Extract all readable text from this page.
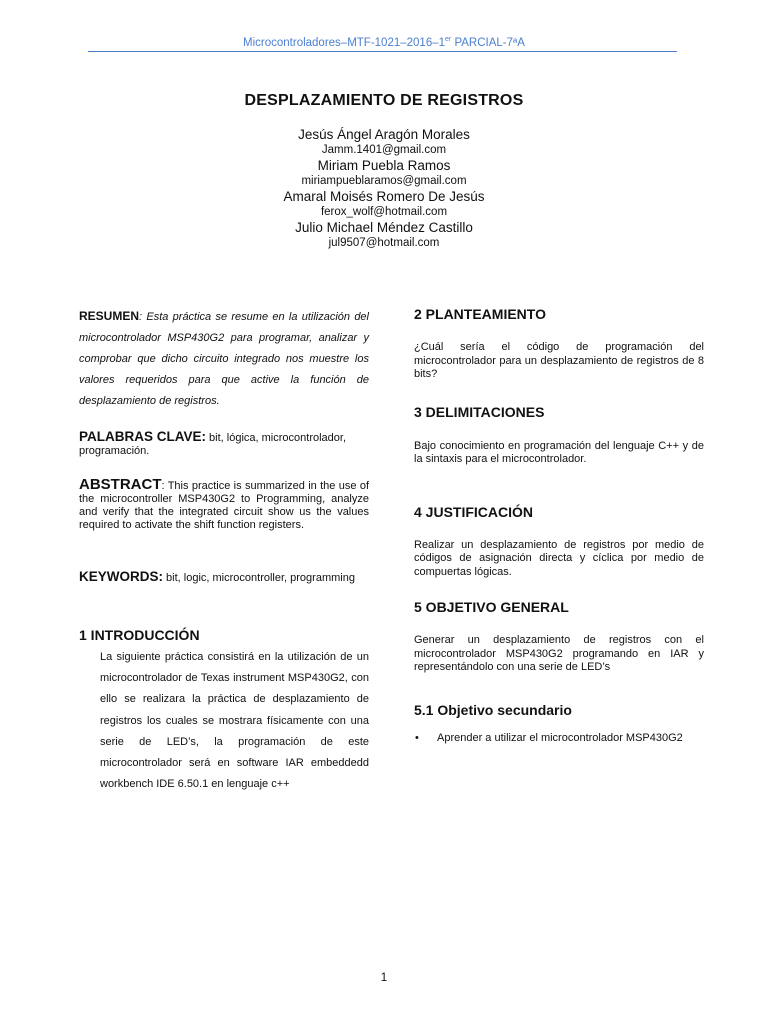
Microcontroladores–MTF-1021–2016–1er PARCIAL-7ªA
DESPLAZAMIENTO DE REGISTROS
Jesús Ángel Aragón Morales
Jamm.1401@gmail.com
Miriam Puebla Ramos
miriampueblaramos@gmail.com
Amaral Moisés Romero De Jesús
ferox_wolf@hotmail.com
Julio Michael Méndez Castillo
jul9507@hotmail.com
RESUMEN: Esta práctica se resume en la utilización del microcontrolador MSP430G2 para programar, analizar y comprobar que dicho circuito integrado nos muestre los valores requeridos para que active la función de desplazamiento de registros.
PALABRAS CLAVE: bit, lógica, microcontrolador, programación.
ABSTRACT: This practice is summarized in the use of the microcontroller MSP430G2 to Programming, analyze and verify that the integrated circuit show us the values required to activate the shift function registers.
KEYWORDS: bit, logic, microcontroller, programming
1 INTRODUCCIÓN
La siguiente práctica consistirá en la utilización de un microcontrolador de Texas instrument MSP430G2, con ello se realizara la práctica de desplazamiento de registros los cuales se mostrara físicamente con una serie de LED’s, la programación de este microcontrolador será en software IAR embeddedd workbench IDE 6.50.1 en lenguaje c++
2 PLANTEAMIENTO
¿Cuál sería el código de programación del microcontrolador para un desplazamiento de registros de 8 bits?
3 DELIMITACIONES
Bajo conocimiento en programación del lenguaje C++ y de la sintaxis para el microcontrolador.
4 JUSTIFICACIÓN
Realizar un desplazamiento de registros por medio de códigos de asignación directa y cíclica por medio de compuertas lógicas.
5 OBJETIVO GENERAL
Generar un desplazamiento de registros con el microcontrolador MSP430G2 programando en IAR y representándolo con una serie de LED’s
5.1 Objetivo secundario
•	Aprender a utilizar el microcontrolador MSP430G2
1
